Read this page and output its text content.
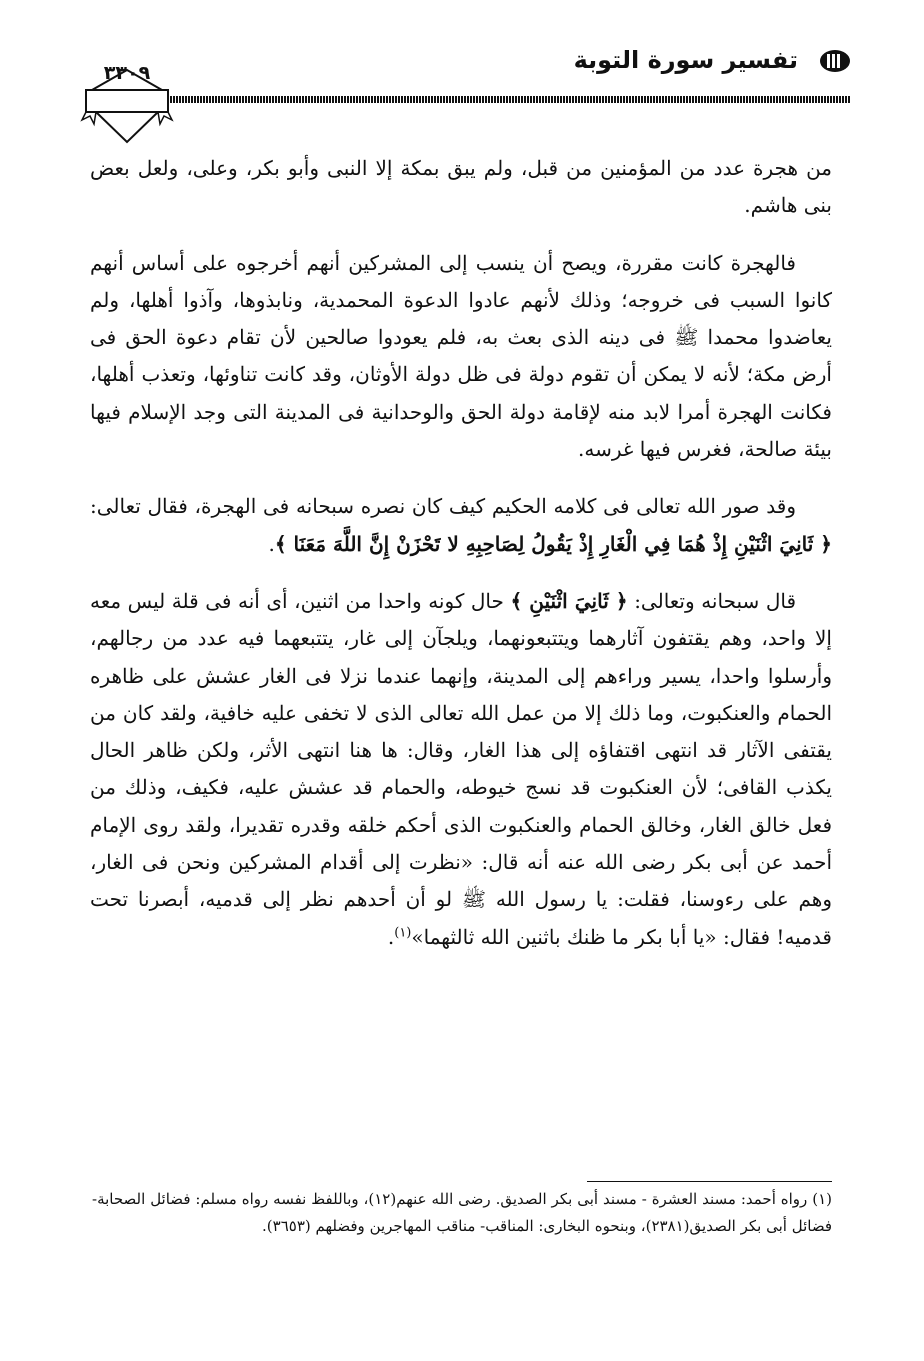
تفسير سورة التوبة
٣٣٠٩

من هجرة عدد من المؤمنين من قبل، ولم يبق بمكة إلا النبى وأبو بكر، وعلى، ولعل بعض بنى هاشم.

فالهجرة كانت مقررة، ويصح أن ينسب إلى المشركين أنهم أخرجوه على أساس أنهم كانوا السبب فى خروجه؛ وذلك لأنهم عادوا الدعوة المحمدية، ونابذوها، وآذوا أهلها، ولم يعاضدوا محمدا ﷺ فى دينه الذى بعث به، فلم يعودوا صالحين لأن تقام دعوة الحق فى أرض مكة؛ لأنه لا يمكن أن تقوم دولة فى ظل دولة الأوثان، وقد كانت تناوئها، وتعذب أهلها، فكانت الهجرة أمرا لابد منه لإقامة دولة الحق والوحدانية فى المدينة التى وجد الإسلام فيها بيئة صالحة، فغرس فيها غرسه.

وقد صور الله تعالى فى كلامه الحكيم كيف كان نصره سبحانه فى الهجرة، فقال تعالى: ﴿ ثَانِيَ اثْنَيْنِ إِذْ هُمَا فِي الْغَارِ إِذْ يَقُولُ لِصَاحِبِهِ لا تَحْزَنْ إِنَّ اللَّهَ مَعَنَا ﴾.

قال سبحانه وتعالى: ﴿ ثَانِيَ اثْنَيْنِ ﴾ حال كونه واحدا من اثنين، أى أنه فى قلة ليس معه إلا واحد، وهم يقتفون آثارهما ويتتبعونهما، ويلجآن إلى غار، يتتبعهما فيه عدد من رجالهم، وأرسلوا واحدا، يسير وراءهم إلى المدينة، وإنهما عندما نزلا فى الغار عشش على ظاهره الحمام والعنكبوت، وما ذلك إلا من عمل الله تعالى الذى لا تخفى عليه خافية، ولقد كان من يقتفى الآثار قد انتهى اقتفاؤه إلى هذا الغار، وقال: ها هنا انتهى الأثر، ولكن ظاهر الحال يكذب القافى؛ لأن العنكبوت قد نسج خيوطه، والحمام قد عشش عليه، فكيف، وذلك من فعل خالق الغار، وخالق الحمام والعنكبوت الذى أحكم خلقه وقدره تقديرا، ولقد روى الإمام أحمد عن أبى بكر رضى الله عنه أنه قال: «نظرت إلى أقدام المشركين ونحن فى الغار، وهم على رءوسنا، فقلت: يا رسول الله ﷺ لو أن أحدهم نظر إلى قدميه، أبصرنا تحت قدميه! فقال: «يا أبا بكر ما ظنك باثنين الله ثالثهما»$^{(١)}$.

(١) رواه أحمد: مسند العشرة - مسند أبى بكر الصديق. رضى الله عنهم(١٢)، وباللفظ نفسه رواه مسلم: فضائل الصحابة- فضائل أبى بكر الصديق(٢٣٨١)، وبنحوه البخارى: المناقب- مناقب المهاجرين وفضلهم (٣٦٥٣).
